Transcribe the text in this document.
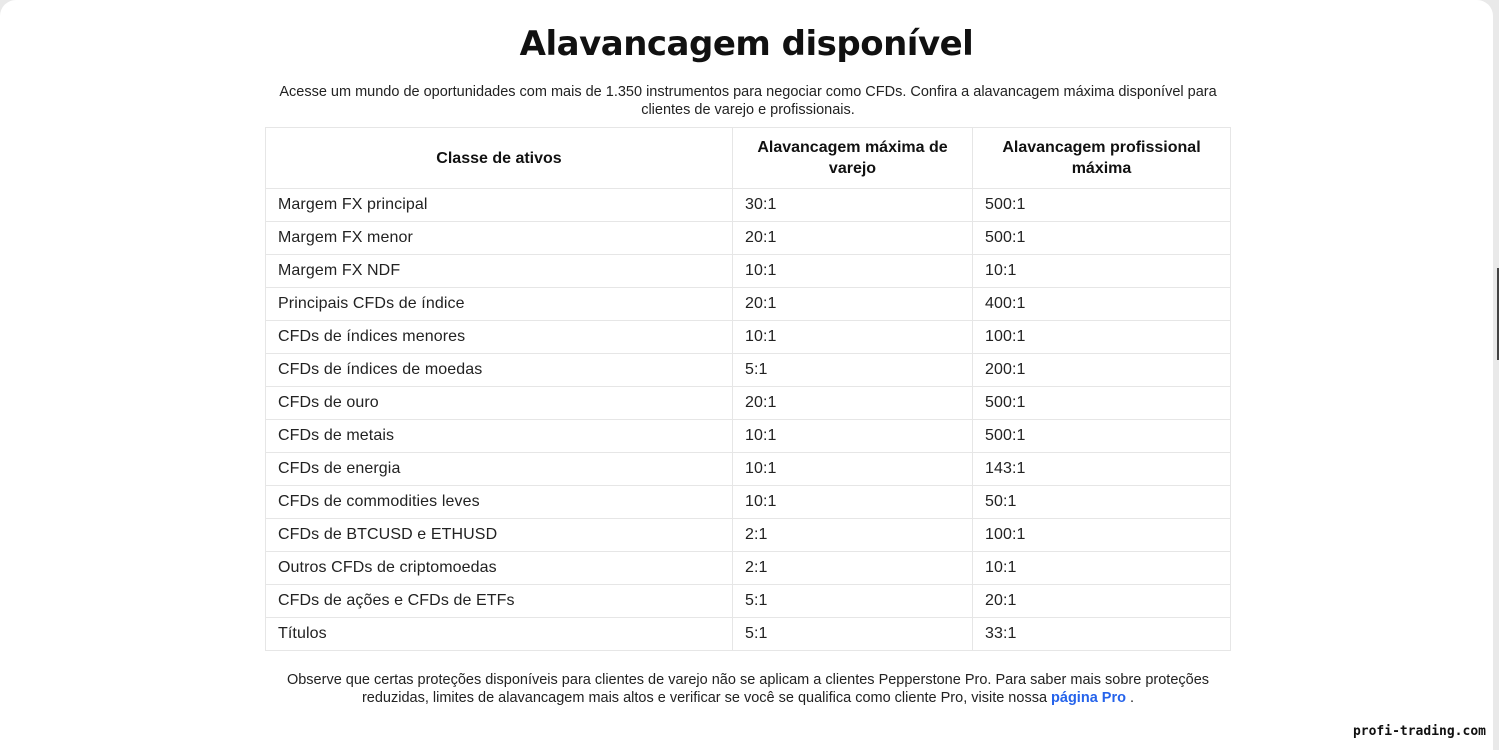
Alavancagem disponível

Acesse um mundo de oportunidades com mais de 1.350 instrumentos para negociar como CFDs. Confira a alavancagem máxima disponível para clientes de varejo e profissionais.

Classe de ativos	Alavancagem máxima de varejo	Alavancagem profissional máxima
Margem FX principal	30:1	500:1
Margem FX menor	20:1	500:1
Margem FX NDF	10:1	10:1
Principais CFDs de índice	20:1	400:1
CFDs de índices menores	10:1	100:1
CFDs de índices de moedas	5:1	200:1
CFDs de ouro	20:1	500:1
CFDs de metais	10:1	500:1
CFDs de energia	10:1	143:1
CFDs de commodities leves	10:1	50:1
CFDs de BTCUSD e ETHUSD	2:1	100:1
Outros CFDs de criptomoedas	2:1	10:1
CFDs de ações e CFDs de ETFs	5:1	20:1
Títulos	5:1	33:1

Observe que certas proteções disponíveis para clientes de varejo não se aplicam a clientes Pepperstone Pro. Para saber mais sobre proteções reduzidas, limites de alavancagem mais altos e verificar se você se qualifica como cliente Pro, visite nossa página Pro .

profi-trading.com
